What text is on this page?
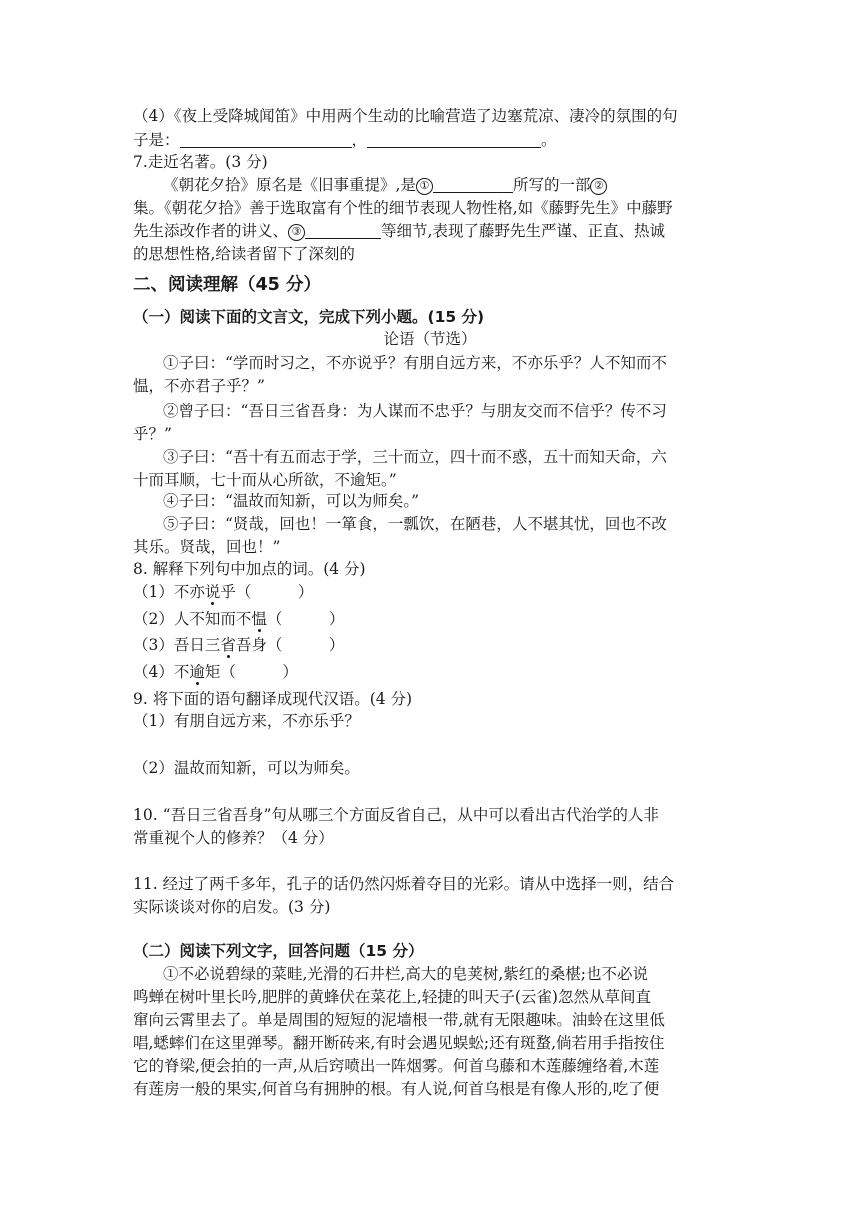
（4）《夜上受降城闻笛》中用两个生动的比喻营造了边塞荒凉、凄冷的氛围的句
子是：	，	。
7.走近名著。(3 分)
《朝花夕拾》原名是《旧事重提》,是 ①	所写的一部 ②
集。《朝花夕拾》善于选取富有个性的细节表现人物性格,如《藤野先生》中藤野
先生添改作者的讲义、 ③	等细节,表现了藤野先生严谨、正直、热诚
的思想性格,给读者留下了深刻的
二、阅读理解（45 分）
（一）阅读下面的文言文，完成下列小题。(15 分)
论语（节选）
①子曰：“学而时习之，不亦说乎？有朋自远方来，不亦乐乎？人不知而不
愠，不亦君子乎？”
②曾子曰：“吾日三省吾身：为人谋而不忠乎？与朋友交而不信乎？传不习
乎？”
③子曰：“吾十有五而志于学，三十而立，四十而不惑，五十而知天命，六
十而耳顺，七十而从心所欲，不逾矩。”
④子曰：“温故而知新，可以为师矣。”
⑤子曰：“贤哉，回也！一箪食，一瓢饮，在陋巷，人不堪其忧，回也不改
其乐。贤哉，回也！”
8. 解释下列句中加点的词。(4 分)
（1）不亦说乎（　　　）
（2）人不知而不愠（　　　）
（3）吾日三省吾身（　　　）
（4）不逾矩（　　　）
9. 将下面的语句翻译成现代汉语。(4 分)
（1）有朋自远方来，不亦乐乎？
（2）温故而知新，可以为师矣。
10. “吾日三省吾身”句从哪三个方面反省自己，从中可以看出古代治学的人非
常重视个人的修养？（4 分）
11. 经过了两千多年，孔子的话仍然闪烁着夺目的光彩。请从中选择一则，结合
实际谈谈对你的启发。(3 分)
（二）阅读下列文字，回答问题（15 分）
①不必说碧绿的菜畦,光滑的石井栏,高大的皂荚树,紫红的桑椹;也不必说
鸣蝉在树叶里长吟,肥胖的黄蜂伏在菜花上,轻捷的叫天子(云雀)忽然从草间直
窜向云霄里去了。单是周围的短短的泥墙根一带,就有无限趣味。油蛉在这里低
唱,蟋蟀们在这里弹琴。翻开断砖来,有时会遇见蜈蚣;还有斑蝥,倘若用手指按住
它的脊梁,便会拍的一声,从后窍喷出一阵烟雾。何首乌藤和木莲藤缠络着,木莲
有莲房一般的果实,何首乌有拥肿的根。有人说,何首乌根是有像人形的,吃了便
